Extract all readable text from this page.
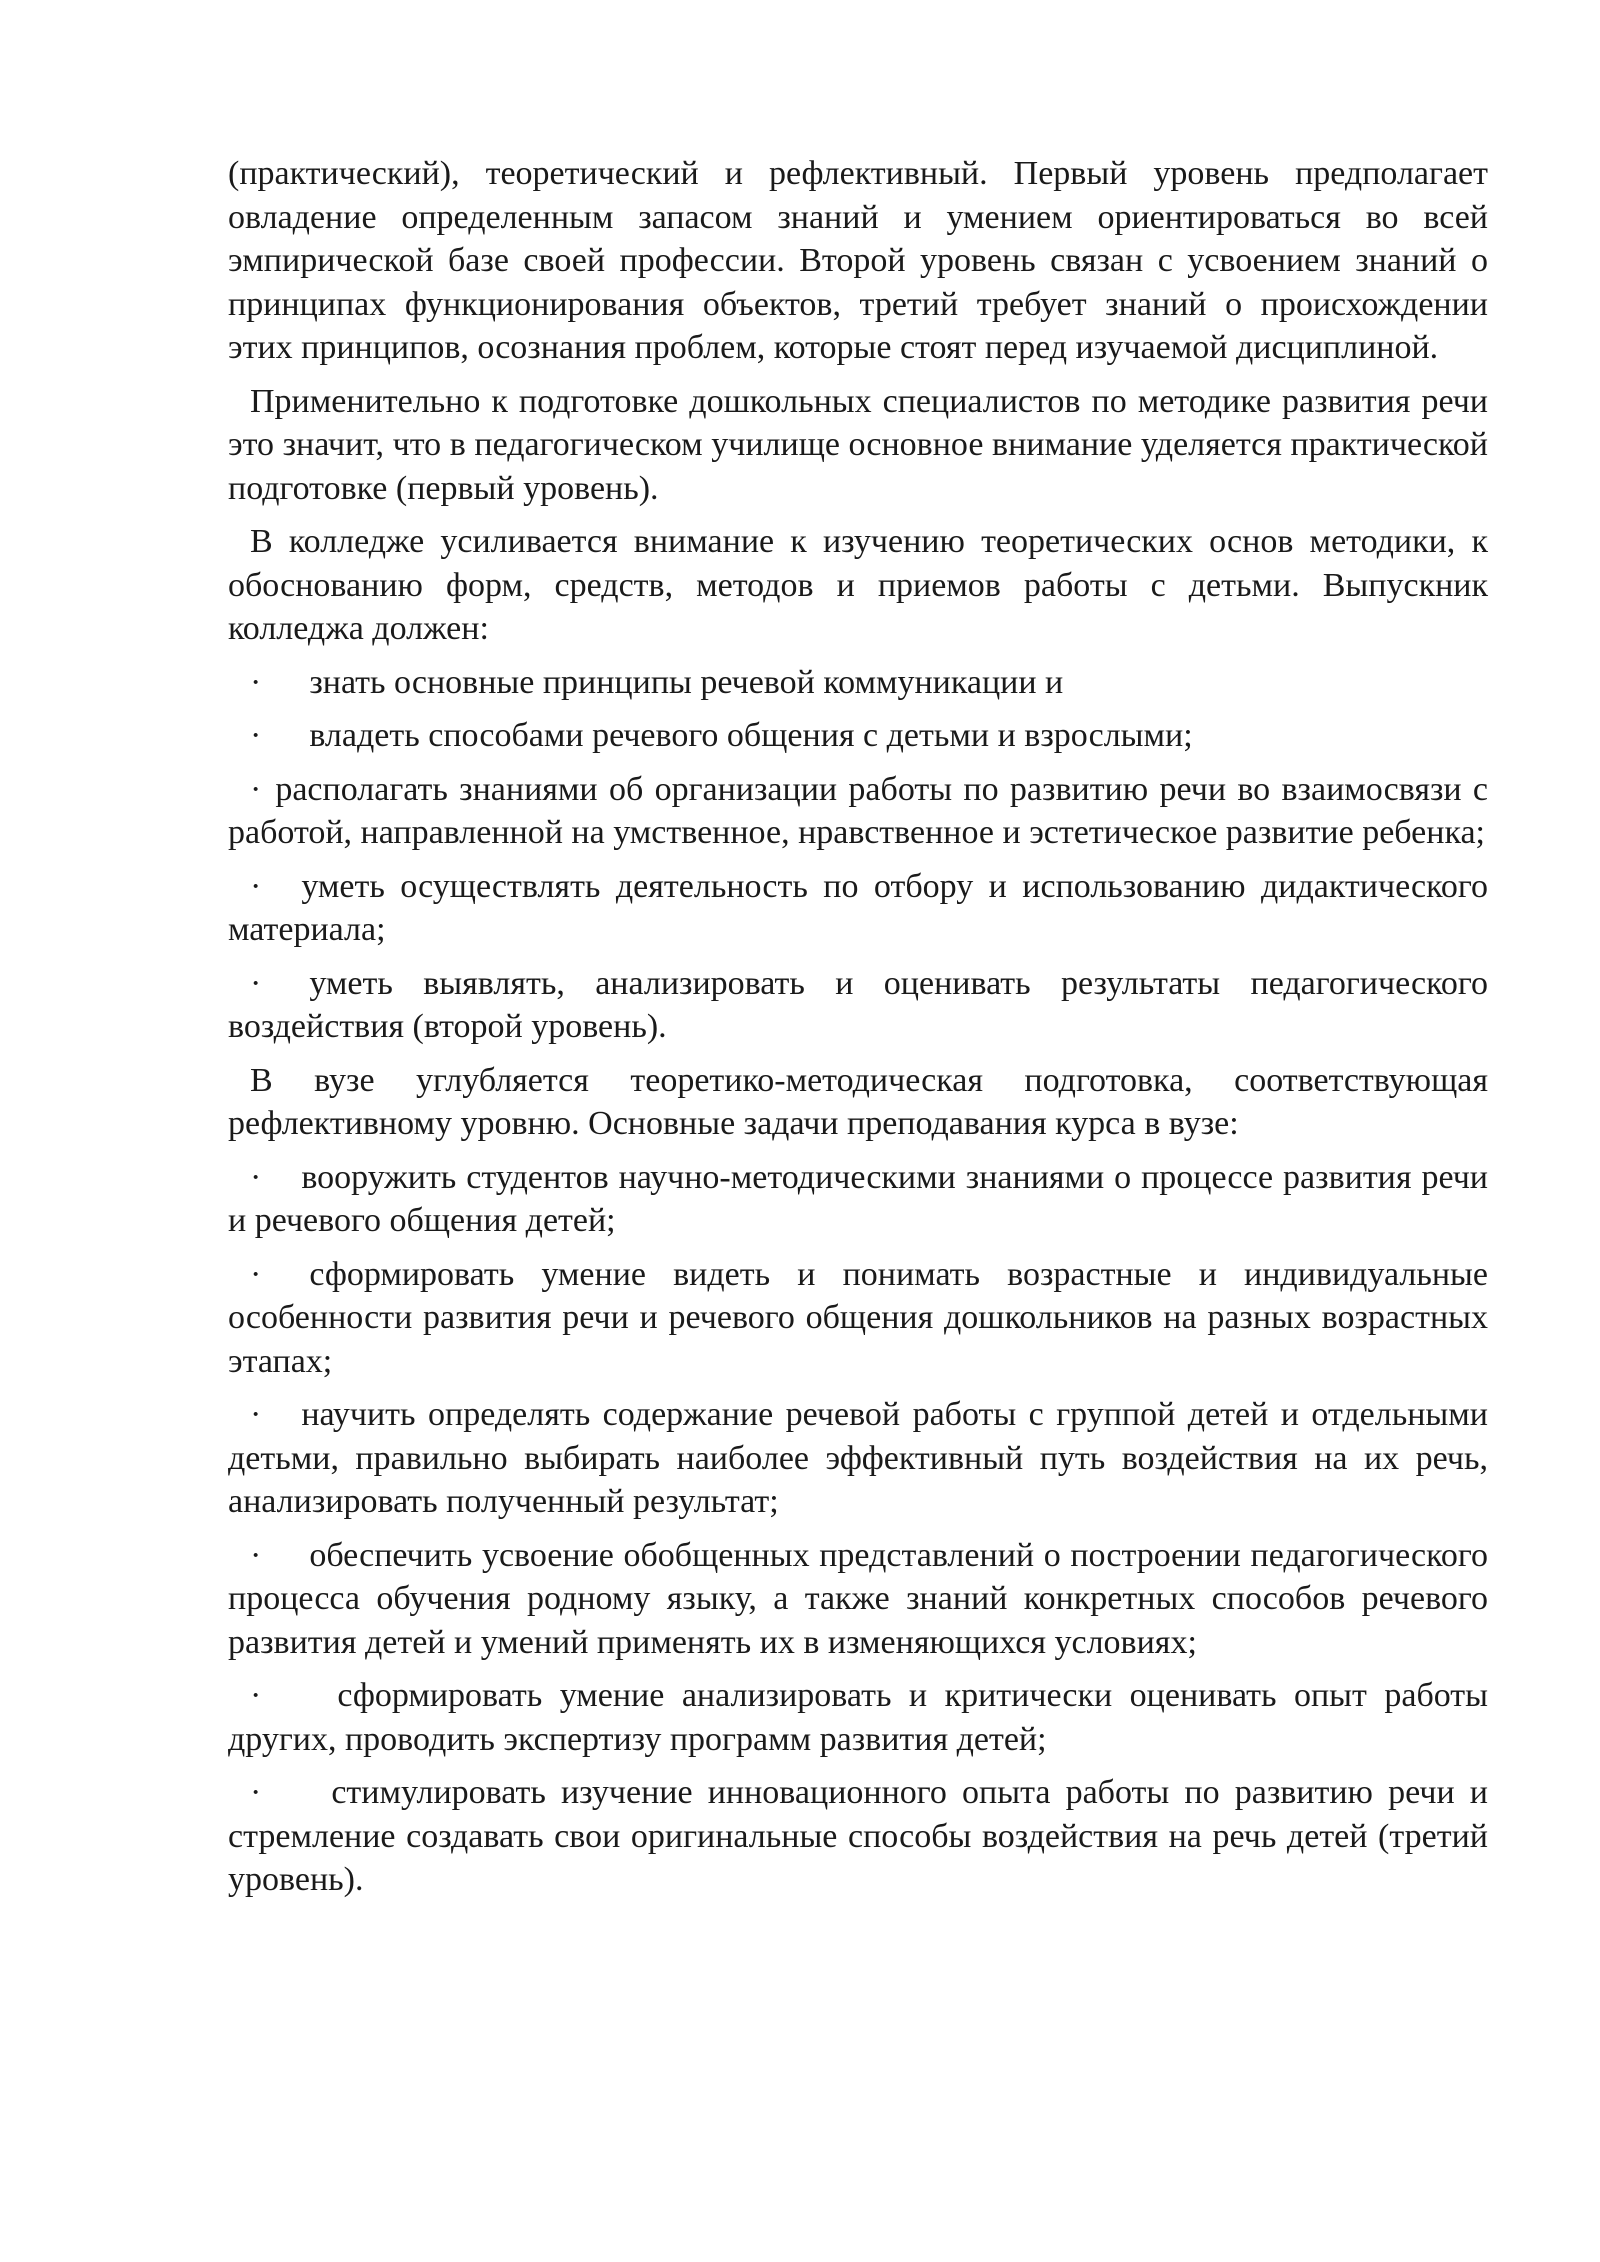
(практический), теоретический и рефлективный. Первый уровень предполагает овладение определенным запасом знаний и умением ориентироваться во всей эмпирической базе своей профессии. Второй уровень связан с усвоением знаний о принципах функционирования объектов, третий требует знаний о происхождении этих принципов, осознания проблем, которые стоят перед изучаемой дисциплиной.

Применительно к подготовке дошкольных специалистов по методике развития речи это значит, что в педагогическом училище основное внимание уделяется практической подготовке (первый уровень).

В колледже усиливается внимание к изучению теоретических основ методики, к обоснованию форм, средств, методов и приемов работы с детьми. Выпускник колледжа должен:

· знать основные принципы речевой коммуникации и

· владеть способами речевого общения с детьми и взрослыми;

· располагать знаниями об организации работы по развитию речи во взаимосвязи с работой, направленной на умственное, нравственное и эстетическое развитие ребенка;

· уметь осуществлять деятельность по отбору и использованию дидактического материала;

· уметь выявлять, анализировать и оценивать результаты педагогического воздействия (второй уровень).

В вузе углубляется теоретико-методическая подготовка, соответствующая рефлективному уровню. Основные задачи преподавания курса в вузе:

· вооружить студентов научно-методическими знаниями о процессе развития речи и речевого общения детей;

· сформировать умение видеть и понимать возрастные и индивидуальные особенности развития речи и речевого общения дошкольников на разных возрастных этапах;

· научить определять содержание речевой работы с группой детей и отдельными детьми, правильно выбирать наиболее эффективный путь воздействия на их речь, анализировать полученный результат;

· обеспечить усвоение обобщенных представлений о построении педагогического процесса обучения родному языку, а также знаний конкретных способов речевого развития детей и умений применять их в изменяющихся условиях;

· сформировать умение анализировать и критически оценивать опыт работы других, проводить экспертизу программ развития детей;

· стимулировать изучение инновационного опыта работы по развитию речи и стремление создавать свои оригинальные способы воздействия на речь детей (третий уровень).
